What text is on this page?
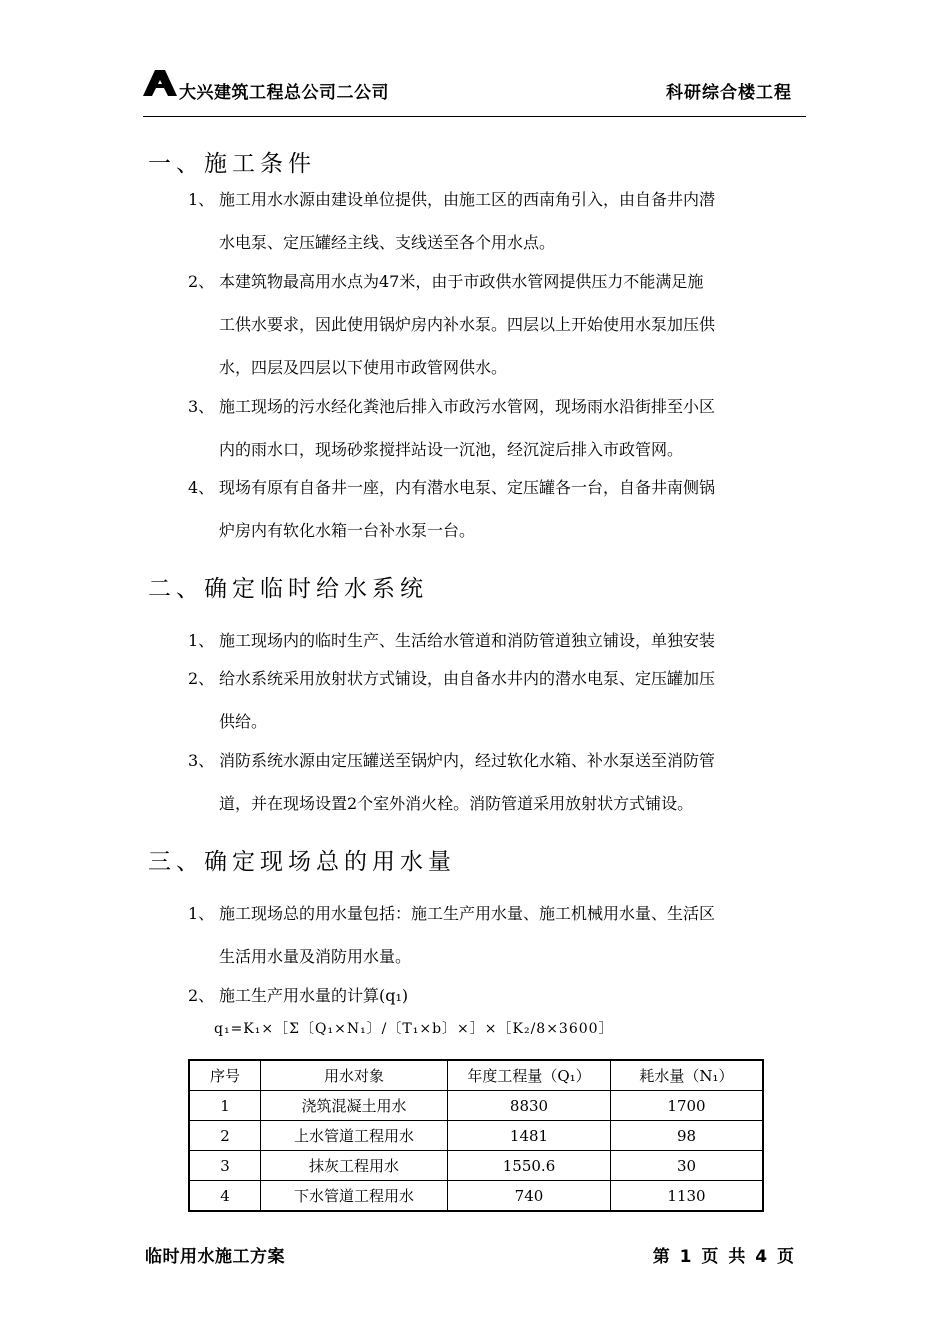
大兴建筑工程总公司二公司	科研综合楼工程
一、施工条件
1、 施工用水水源由建设单位提供，由施工区的西南角引入，由自备井内潜
水电泵、定压罐经主线、支线送至各个用水点。
2、 本建筑物最高用水点为47米，由于市政供水管网提供压力不能满足施
工供水要求，因此使用锅炉房内补水泵。四层以上开始使用水泵加压供
水，四层及四层以下使用市政管网供水。
3、 施工现场的污水经化粪池后排入市政污水管网，现场雨水沿街排至小区
内的雨水口，现场砂浆搅拌站设一沉池，经沉淀后排入市政管网。
4、 现场有原有自备井一座，内有潜水电泵、定压罐各一台，自备井南侧锅
炉房内有软化水箱一台补水泵一台。
二、确定临时给水系统
1、 施工现场内的临时生产、生活给水管道和消防管道独立铺设，单独安装
2、 给水系统采用放射状方式铺设，由自备水井内的潜水电泵、定压罐加压
供给。
3、 消防系统水源由定压罐送至锅炉内，经过软化水箱、补水泵送至消防管
道，并在现场设置2个室外消火栓。消防管道采用放射状方式铺设。
三、确定现场总的用水量
1、 施工现场总的用水量包括：施工生产用水量、施工机械用水量、生活区
生活用水量及消防用水量。
2、 施工生产用水量的计算(q₁)
q₁=K₁×［Σ〔Q₁×N₁〕/〔T₁×b〕×］×［K₂/8×3600］
序号	用水对象	年度工程量（Q₁）	耗水量（N₁）
1	浇筑混凝土用水	8830	1700
2	上水管道工程用水	1481	98
3	抹灰工程用水	1550.6	30
4	下水管道工程用水	740	1130
临时用水施工方案	第 1 页 共 4 页
